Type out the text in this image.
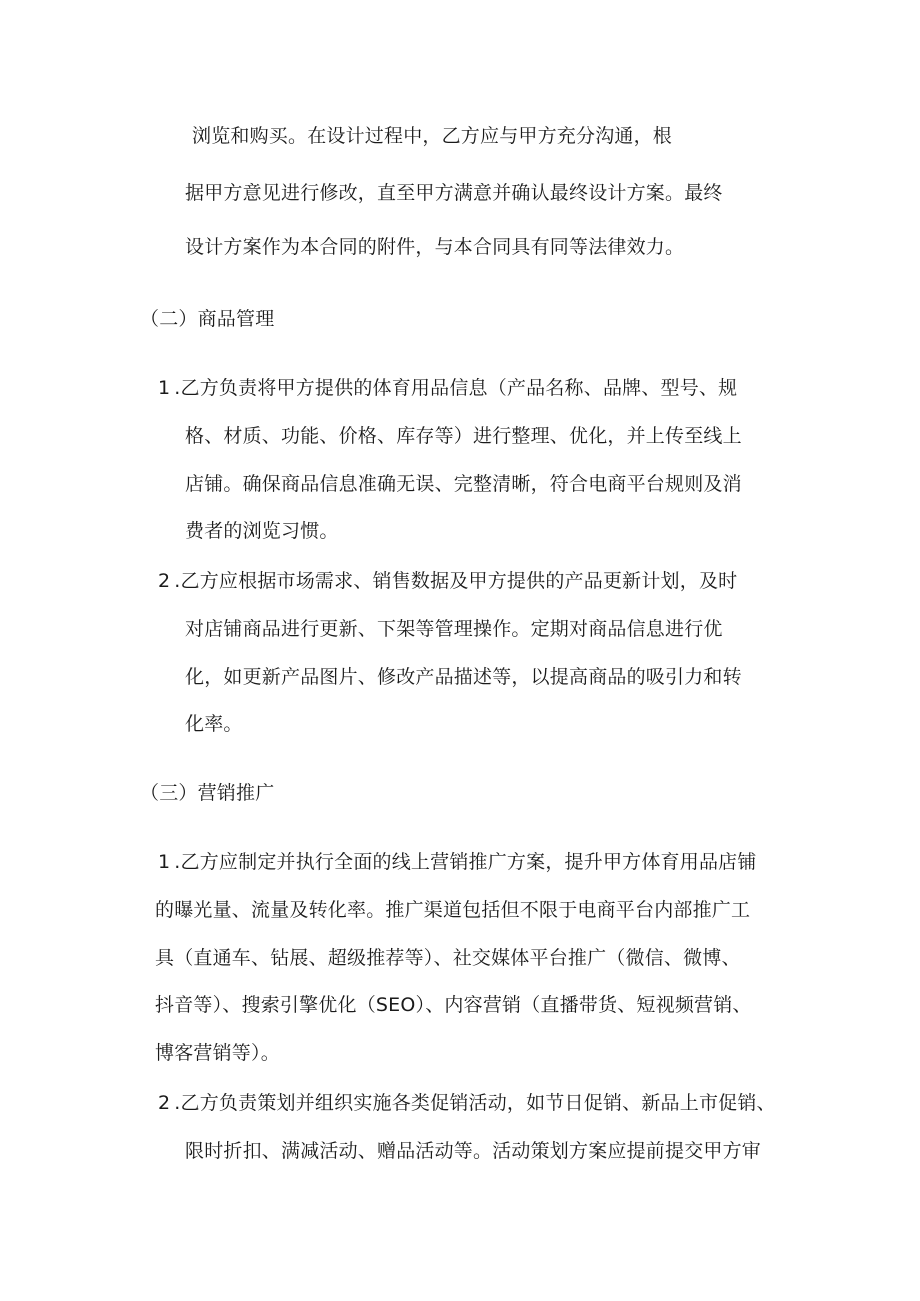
浏览和购买。在设计过程中，乙方应与甲方充分沟通，根
据甲方意见进行修改，直至甲方满意并确认最终设计方案。最终
设计方案作为本合同的附件，与本合同具有同等法律效力。
（二）商品管理
1 .乙方负责将甲方提供的体育用品信息（产品名称、品牌、型号、规
格、材质、功能、价格、库存等）进行整理、优化，并上传至线上
店铺。确保商品信息准确无误、完整清晰，符合电商平台规则及消
费者的浏览习惯。
2 .乙方应根据市场需求、销售数据及甲方提供的产品更新计划，及时
对店铺商品进行更新、下架等管理操作。定期对商品信息进行优
化，如更新产品图片、修改产品描述等，以提高商品的吸引力和转
化率。
（三）营销推广
1 .乙方应制定并执行全面的线上营销推广方案，提升甲方体育用品店铺
的曝光量、流量及转化率。推广渠道包括但不限于电商平台内部推广工
具（直通车、钻展、超级推荐等）、社交媒体平台推广（微信、微博、
抖音等）、搜索引擎优化（SEO）、内容营销（直播带货、短视频营销、
博客营销等）。
2 .乙方负责策划并组织实施各类促销活动，如节日促销、新品上市促销、
限时折扣、满减活动、赠品活动等。活动策划方案应提前提交甲方审
